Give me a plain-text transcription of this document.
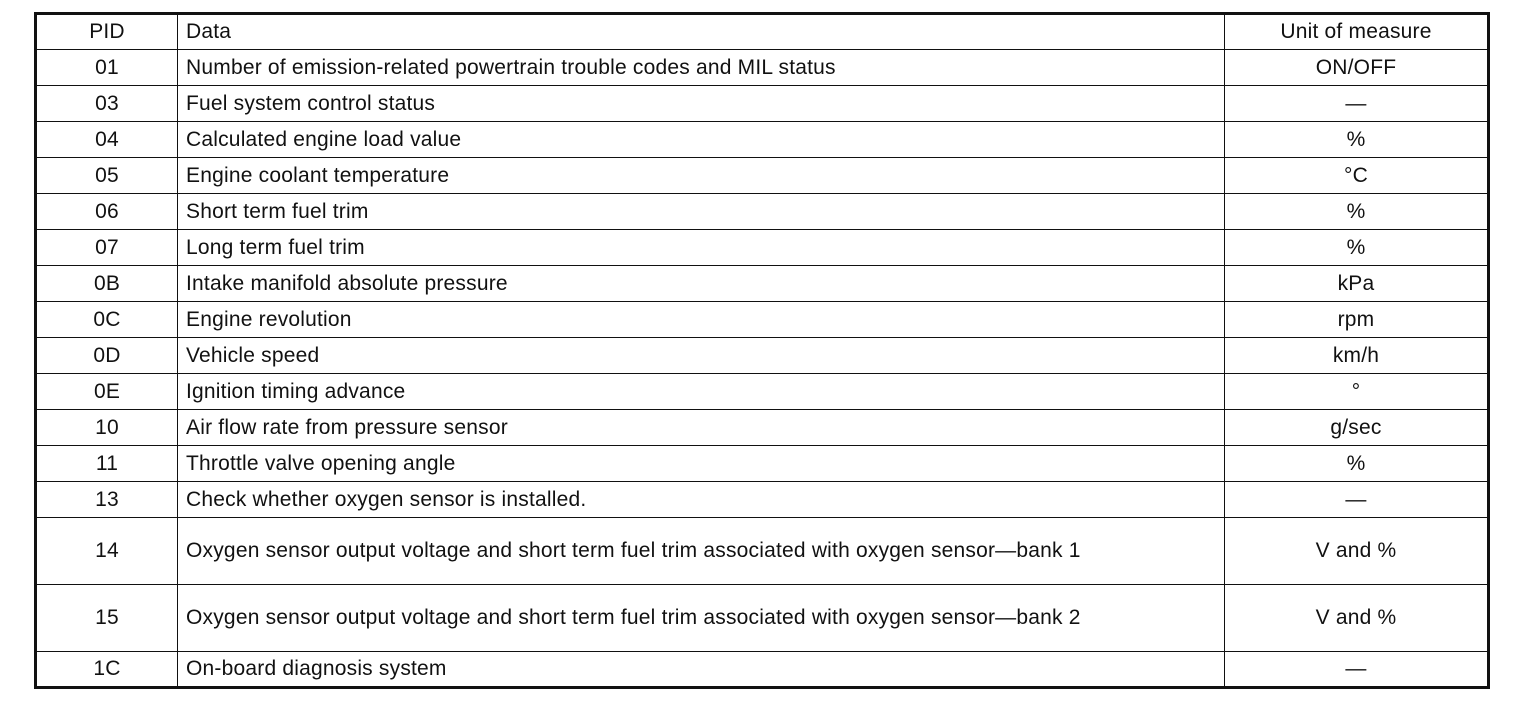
PID	Data	Unit of measure
01	Number of emission-related powertrain trouble codes and MIL status	ON/OFF
03	Fuel system control status	—
04	Calculated engine load value	%
05	Engine coolant temperature	°C
06	Short term fuel trim	%
07	Long term fuel trim	%
0B	Intake manifold absolute pressure	kPa
0C	Engine revolution	rpm
0D	Vehicle speed	km/h
0E	Ignition timing advance	°
10	Air flow rate from pressure sensor	g/sec
11	Throttle valve opening angle	%
13	Check whether oxygen sensor is installed.	—
14	Oxygen sensor output voltage and short term fuel trim associated with oxygen sensor—bank 1	V and %
15	Oxygen sensor output voltage and short term fuel trim associated with oxygen sensor—bank 2	V and %
1C	On-board diagnosis system	—
